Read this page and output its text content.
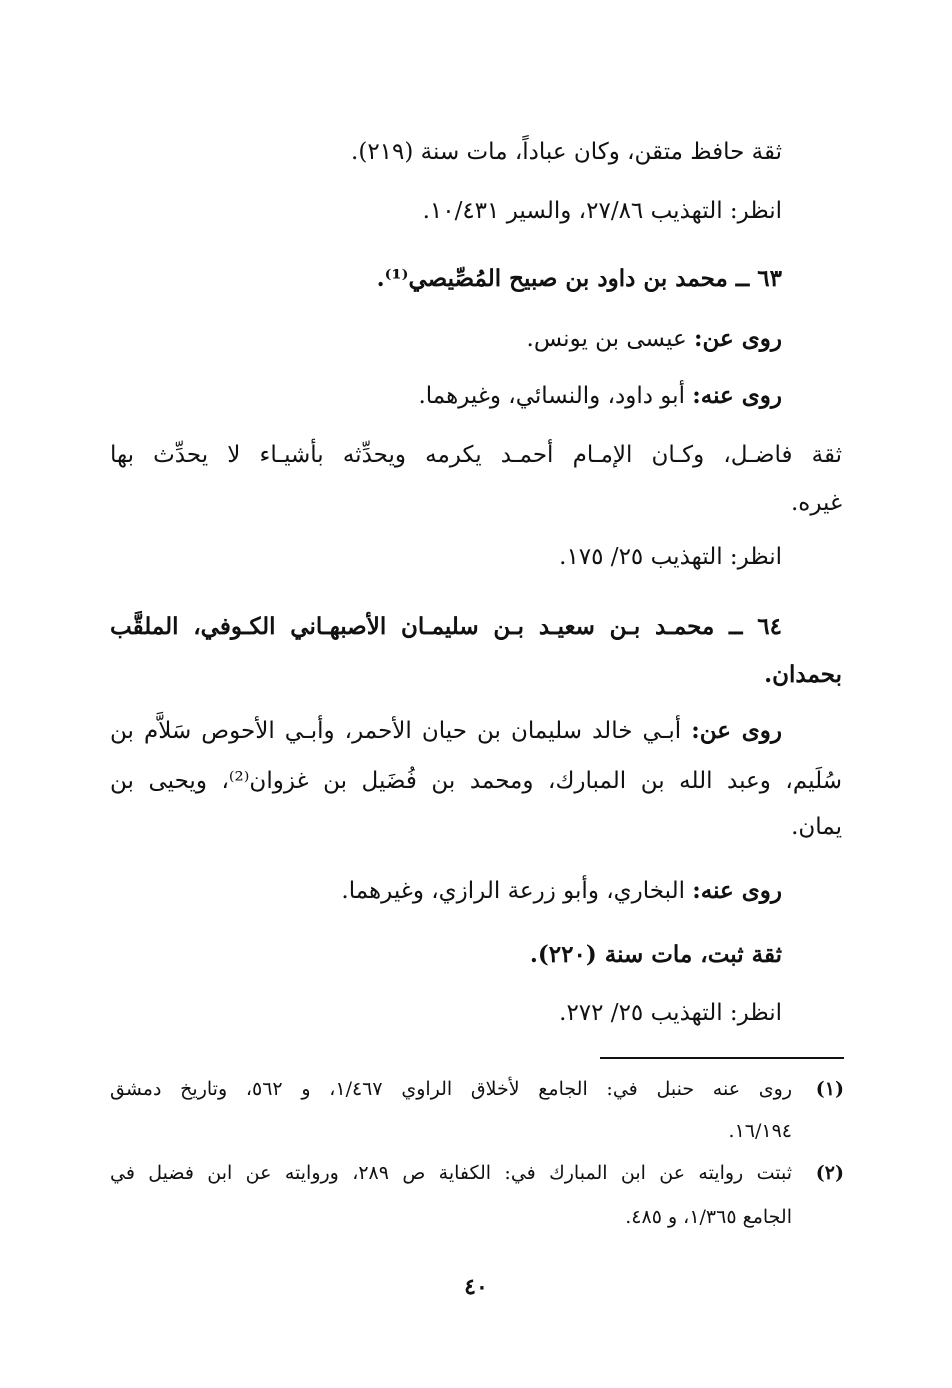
ثقة حافظ متقن، وكان عباداً، مات سنة (٢١٩).
انظر: التهذيب ٢٧/٨٦، والسير ١٠/٤٣١.
٦٣ ــ محمد بن داود بن صبيح المُصِّيصي⁽¹⁾.
روى عن: عيسى بن يونس.
روى عنه: أبو داود، والنسائي، وغيرهما.
ثقة فاضـل، وكـان الإمـام أحمـد يكرمه ويحدِّثه بأشيـاء لا يحدِّث بها
غيره.
انظر: التهذيب ٢٥/ ١٧٥.
٦٤ ــ محمـد بـن سعيـد بـن سليمـان الأصبهـاني الكـوفي، الملقَّب
بحمدان.
روى عن: أبـي خالد سليمان بن حيان الأحمر، وأبـي الأحوص سَلاَّم بن
سُلَيم، وعبد الله بن المبارك، ومحمد بن فُضَيل بن غزوان⁽²⁾، ويحيى بن
يمان.
روى عنه: البخاري، وأبو زرعة الرازي، وغيرهما.
ثقة ثبت، مات سنة (٢٢٠).
انظر: التهذيب ٢٥/ ٢٧٢.
(١)
روى عنه حنبل في: الجامع لأخلاق الراوي ١/٤٦٧، و ٥٦٢، وتاريخ دمشق
١٦/١٩٤.
(٢)
ثبتت روايته عن ابن المبارك في: الكفاية ص ٢٨٩، وروايته عن ابن فضيل في
الجامع ١/٣٦٥، و ٤٨٥.
٤٠
